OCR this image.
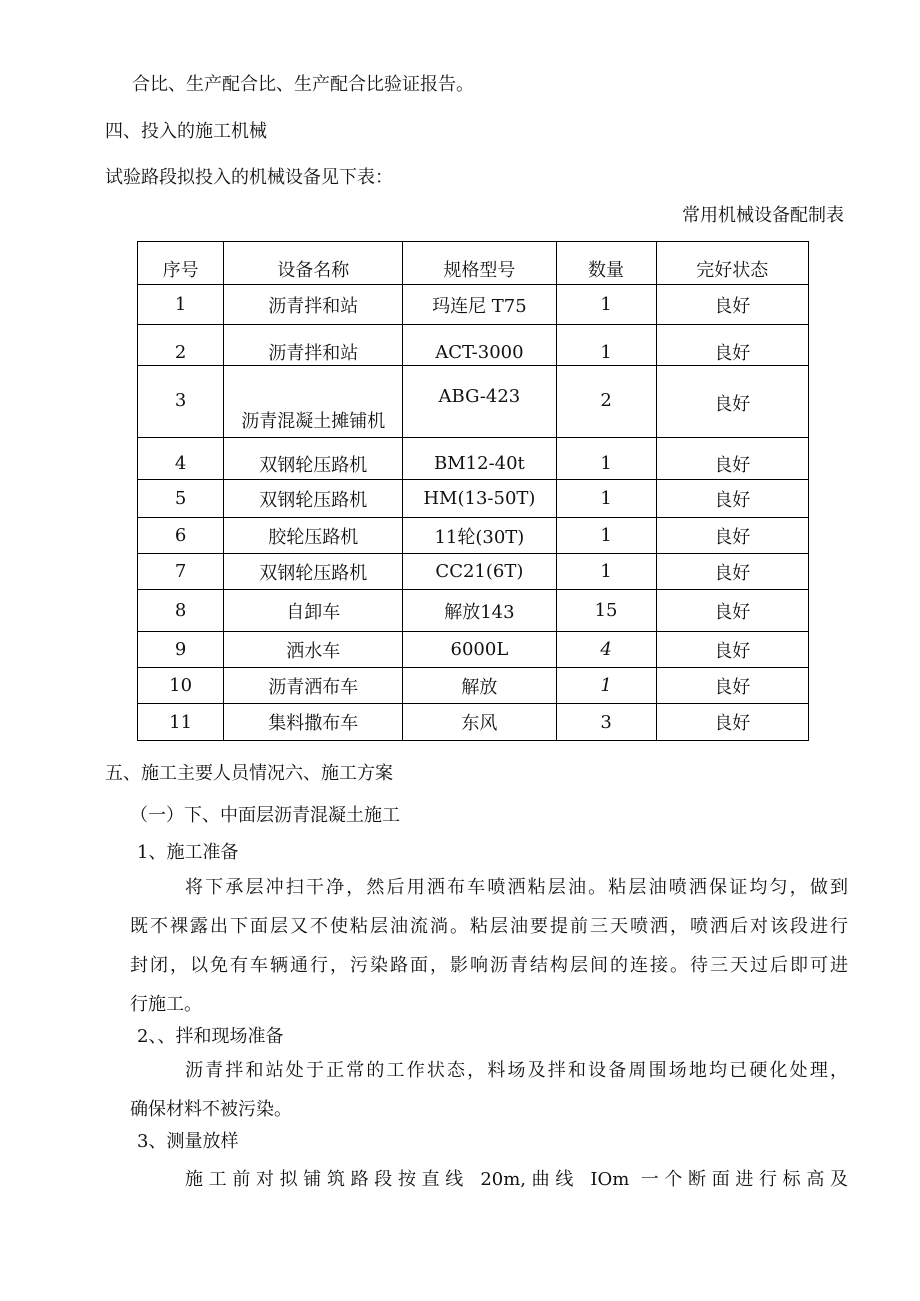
合比、生产配合比、生产配合比验证报告。
四、投入的施工机械
试验路段拟投入的机械设备见下表：
常用机械设备配制表
序号	设备名称	规格型号	数量	完好状态
1	沥青拌和站	玛连尼 T75	1	良好
2	沥青拌和站	ACT-3000	1	良好
3	沥青混凝土摊铺机	ABG-423	2	良好
4	双钢轮压路机	BM12-40t	1	良好
5	双钢轮压路机	HM(13-50T)	1	良好
6	胶轮压路机	11轮(30T)	1	良好
7	双钢轮压路机	CC21(6T)	1	良好
8	自卸车	解放143	15	良好
9	洒水车	6000L	4	良好
10	沥青洒布车	解放	1	良好
11	集料撒布车	东风	3	良好
五、施工主要人员情况六、施工方案
（一）下、中面层沥青混凝土施工
1、施工准备
将下承层冲扫干净，然后用洒布车喷洒粘层油。粘层油喷洒保证均匀，做到
既不裸露出下面层又不使粘层油流淌。粘层油要提前三天喷洒，喷洒后对该段进行
封闭，以免有车辆通行，污染路面，影响沥青结构层间的连接。待三天过后即可进
行施工。
2、、拌和现场准备
沥青拌和站处于正常的工作状态，料场及拌和设备周围场地均已硬化处理，
确保材料不被污染。
3、测量放样
施工前对拟铺筑路段按直线 20m,曲线 IOm 一个断面进行标高及
